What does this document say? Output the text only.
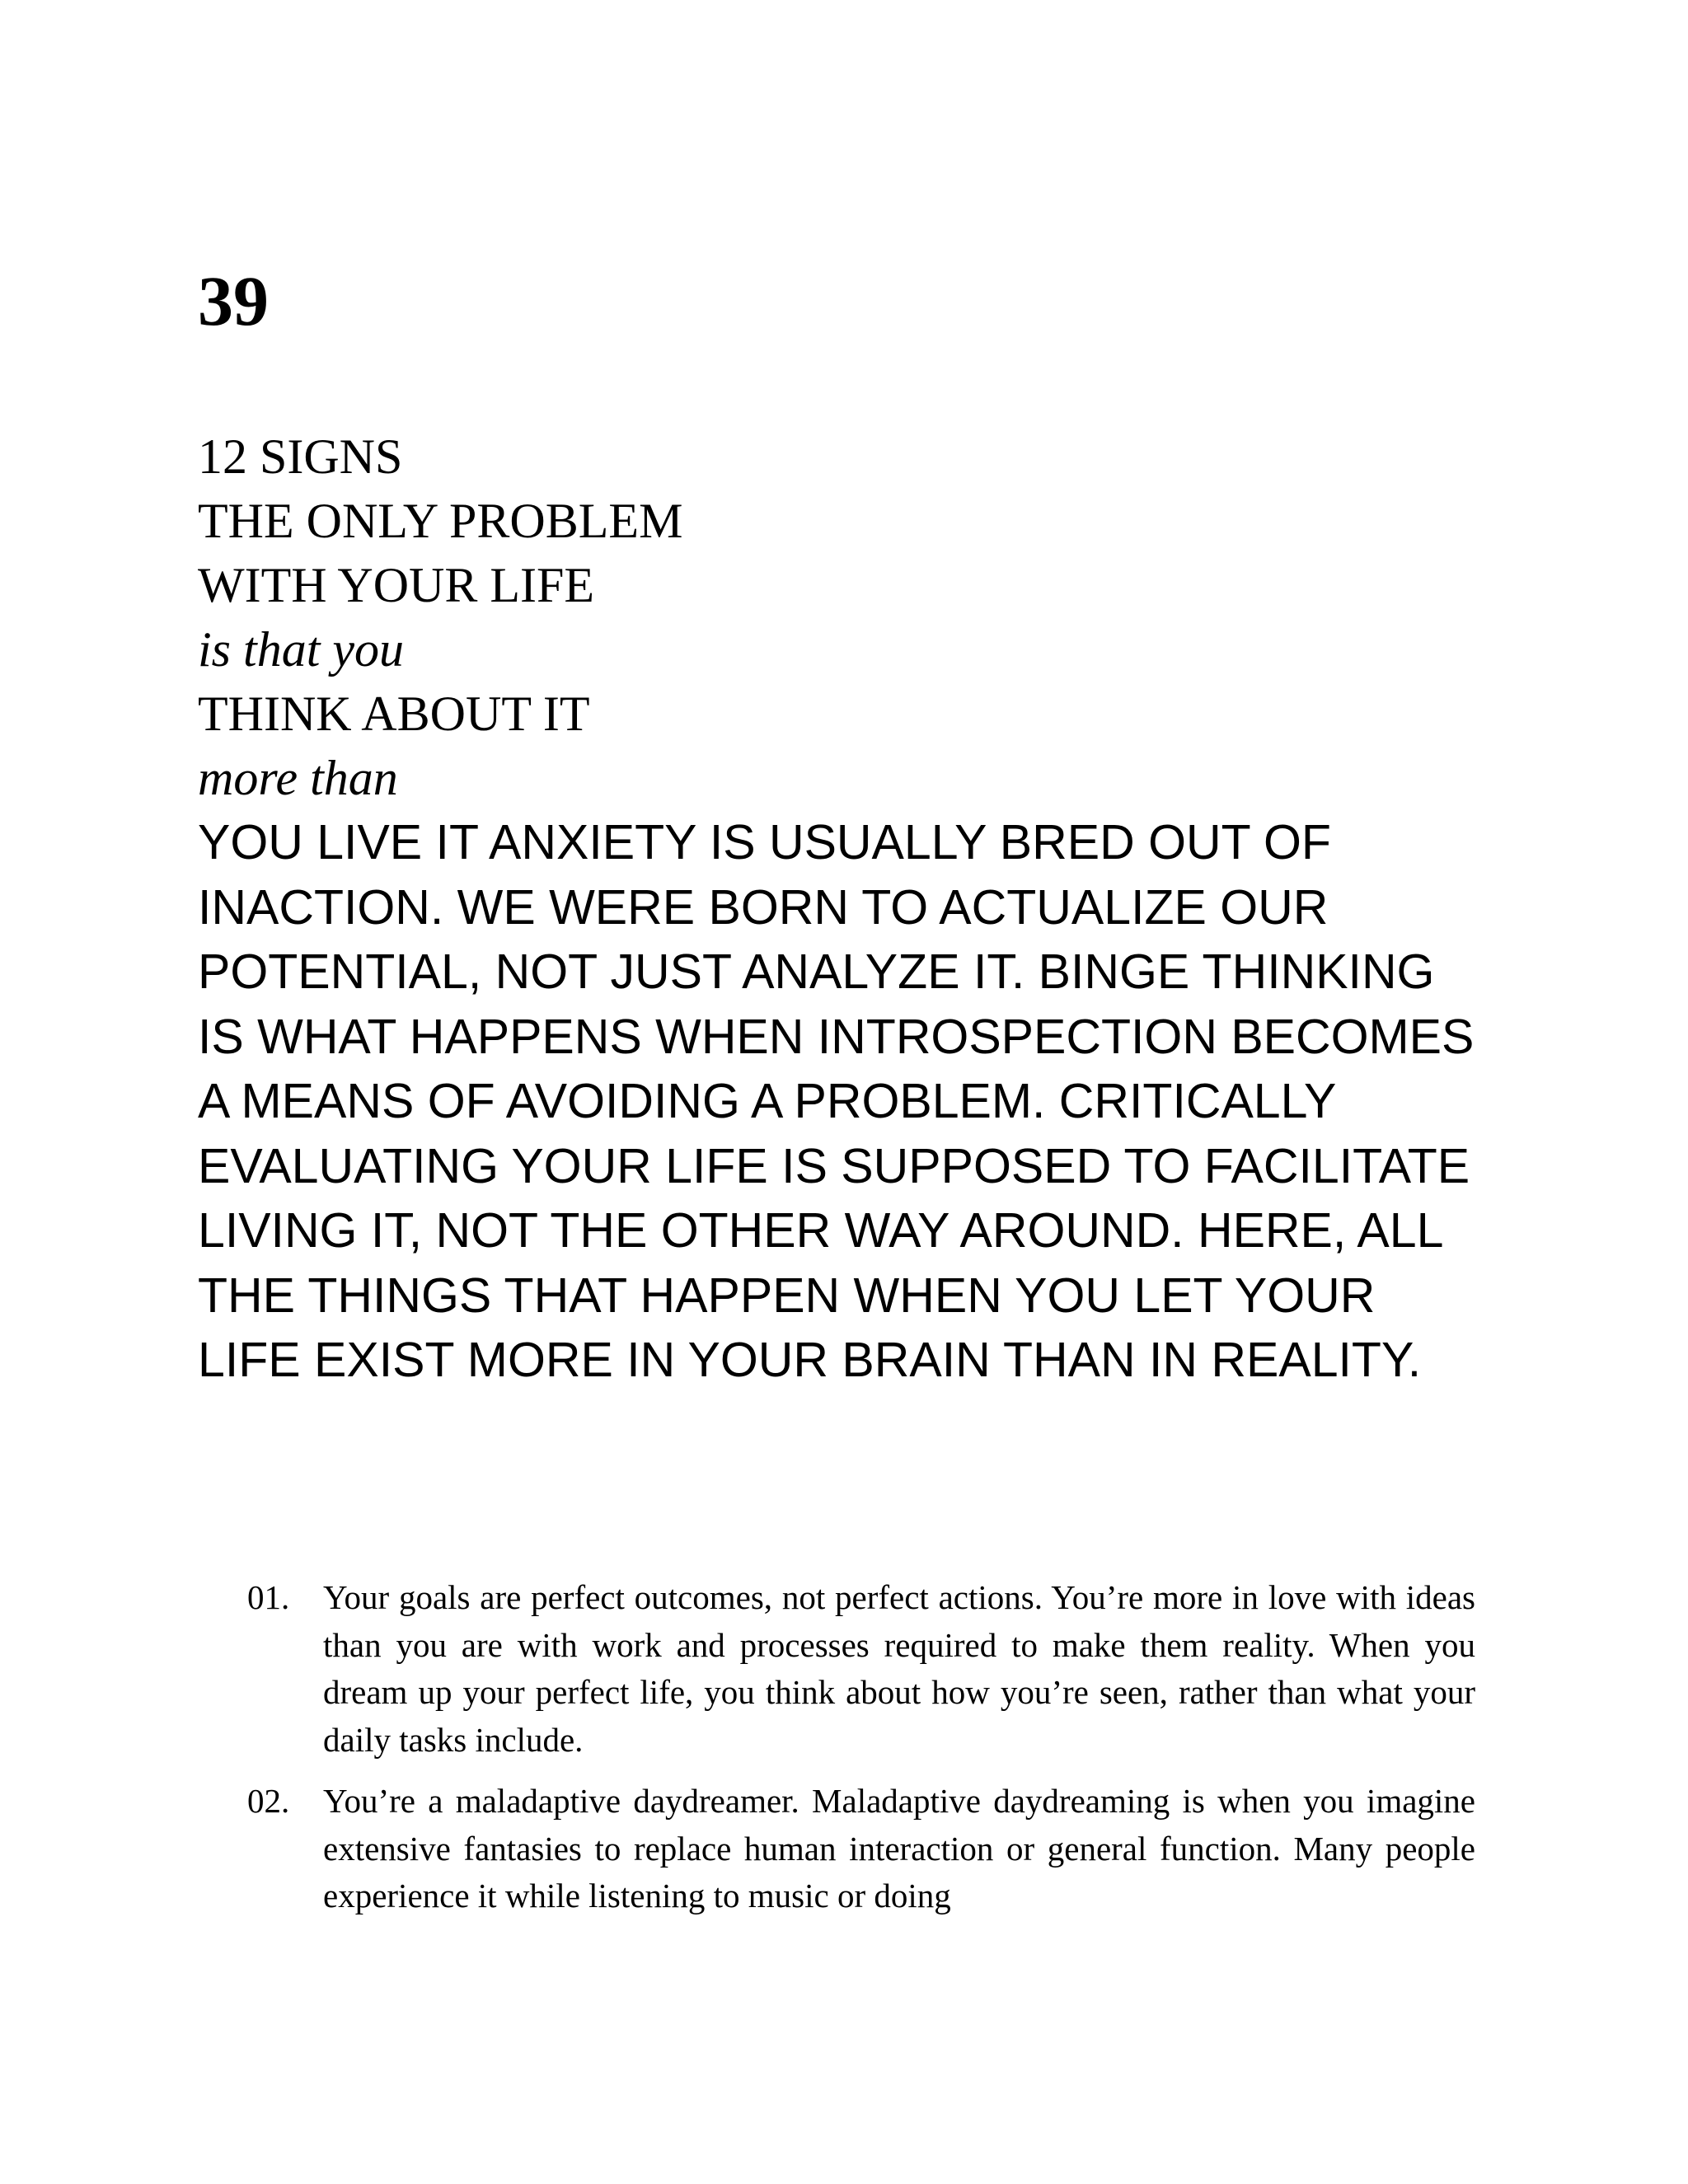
39
12 SIGNS
THE ONLY PROBLEM
WITH YOUR LIFE
is that you
THINK ABOUT IT
more than

YOU LIVE IT ANXIETY IS USUALLY BRED OUT OF INACTION. WE WERE BORN TO ACTUALIZE OUR POTENTIAL, NOT JUST ANALYZE IT. BINGE THINKING IS WHAT HAPPENS WHEN INTROSPECTION BECOMES A MEANS OF AVOIDING A PROBLEM. CRITICALLY EVALUATING YOUR LIFE IS SUPPOSED TO FACILITATE LIVING IT, NOT THE OTHER WAY AROUND. HERE, ALL THE THINGS THAT HAPPEN WHEN YOU LET YOUR LIFE EXIST MORE IN YOUR BRAIN THAN IN REALITY.

01. Your goals are perfect outcomes, not perfect actions. You’re more in love with ideas than you are with work and processes required to make them reality. When you dream up your perfect life, you think about how you’re seen, rather than what your daily tasks include.
02. You’re a maladaptive daydreamer. Maladaptive daydreaming is when you imagine extensive fantasies to replace human interaction or general function. Many people experience it while listening to music or doing
